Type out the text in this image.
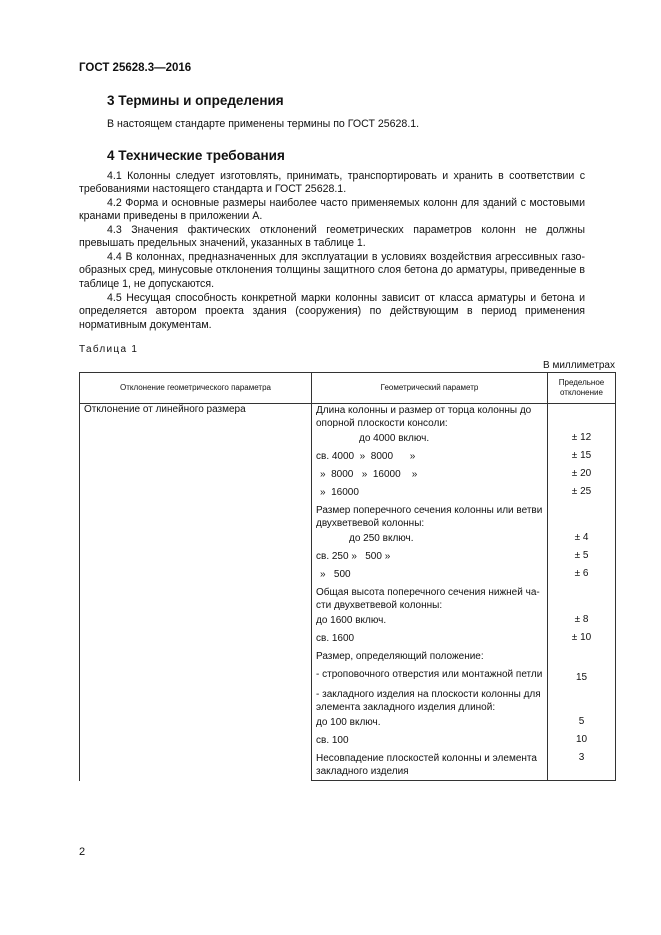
ГОСТ 25628.3—2016
3 Термины и определения
В настоящем стандарте применены термины по ГОСТ 25628.1.
4 Технические требования
4.1 Колонны следует изготовлять, принимать, транспортировать и хранить в соответствии с требованиями настоящего стандарта и ГОСТ 25628.1.
4.2 Форма и основные размеры наиболее часто применяемых колонн для зданий с мостовыми кранами приведены в приложении А.
4.3 Значения фактических отклонений геометрических параметров колонн не должны превышать предельных значений, указанных в таблице 1.
4.4 В колоннах, предназначенных для эксплуатации в условиях воздействия агрессивных газообразных сред, минусовые отклонения толщины защитного слоя бетона до арматуры, приведенные в таблице 1, не допускаются.
4.5 Несущая способность конкретной марки колонны зависит от класса арматуры и бетона и определяется автором проекта здания (сооружения) по действующим в период применения нормативным документам.
Таблица 1
В миллиметрах
Отклонение геометрического параметра	Геометрический параметр	Предельное отклонение
Отклонение от линейного размера	Длина колонны и размер от торца колонны до опорной плоскости консоли:	
	до 4000 включ.	± 12
	св. 4000  »  8000      »	± 15
	»  8000   »  16000    »	± 20
	»  16000	± 25
	Размер поперечного сечения колонны или ветви двухветвевой колонны:	
	до 250 включ.	± 4
	св. 250 »   500 »	± 5
	»   500	± 6
	Общая высота поперечного сечения нижней части двухветвевой колонны:	
	до 1600 включ.	± 8
	св. 1600	± 10
	Размер, определяющий положение:	
	- строповочного отверстия или монтажной петли	15
	- закладного изделия на плоскости колонны для элемента закладного изделия длиной:	
	до 100 включ.	5
	св. 100	10
	Несовпадение плоскостей колонны и элемента закладного изделия	3
2
